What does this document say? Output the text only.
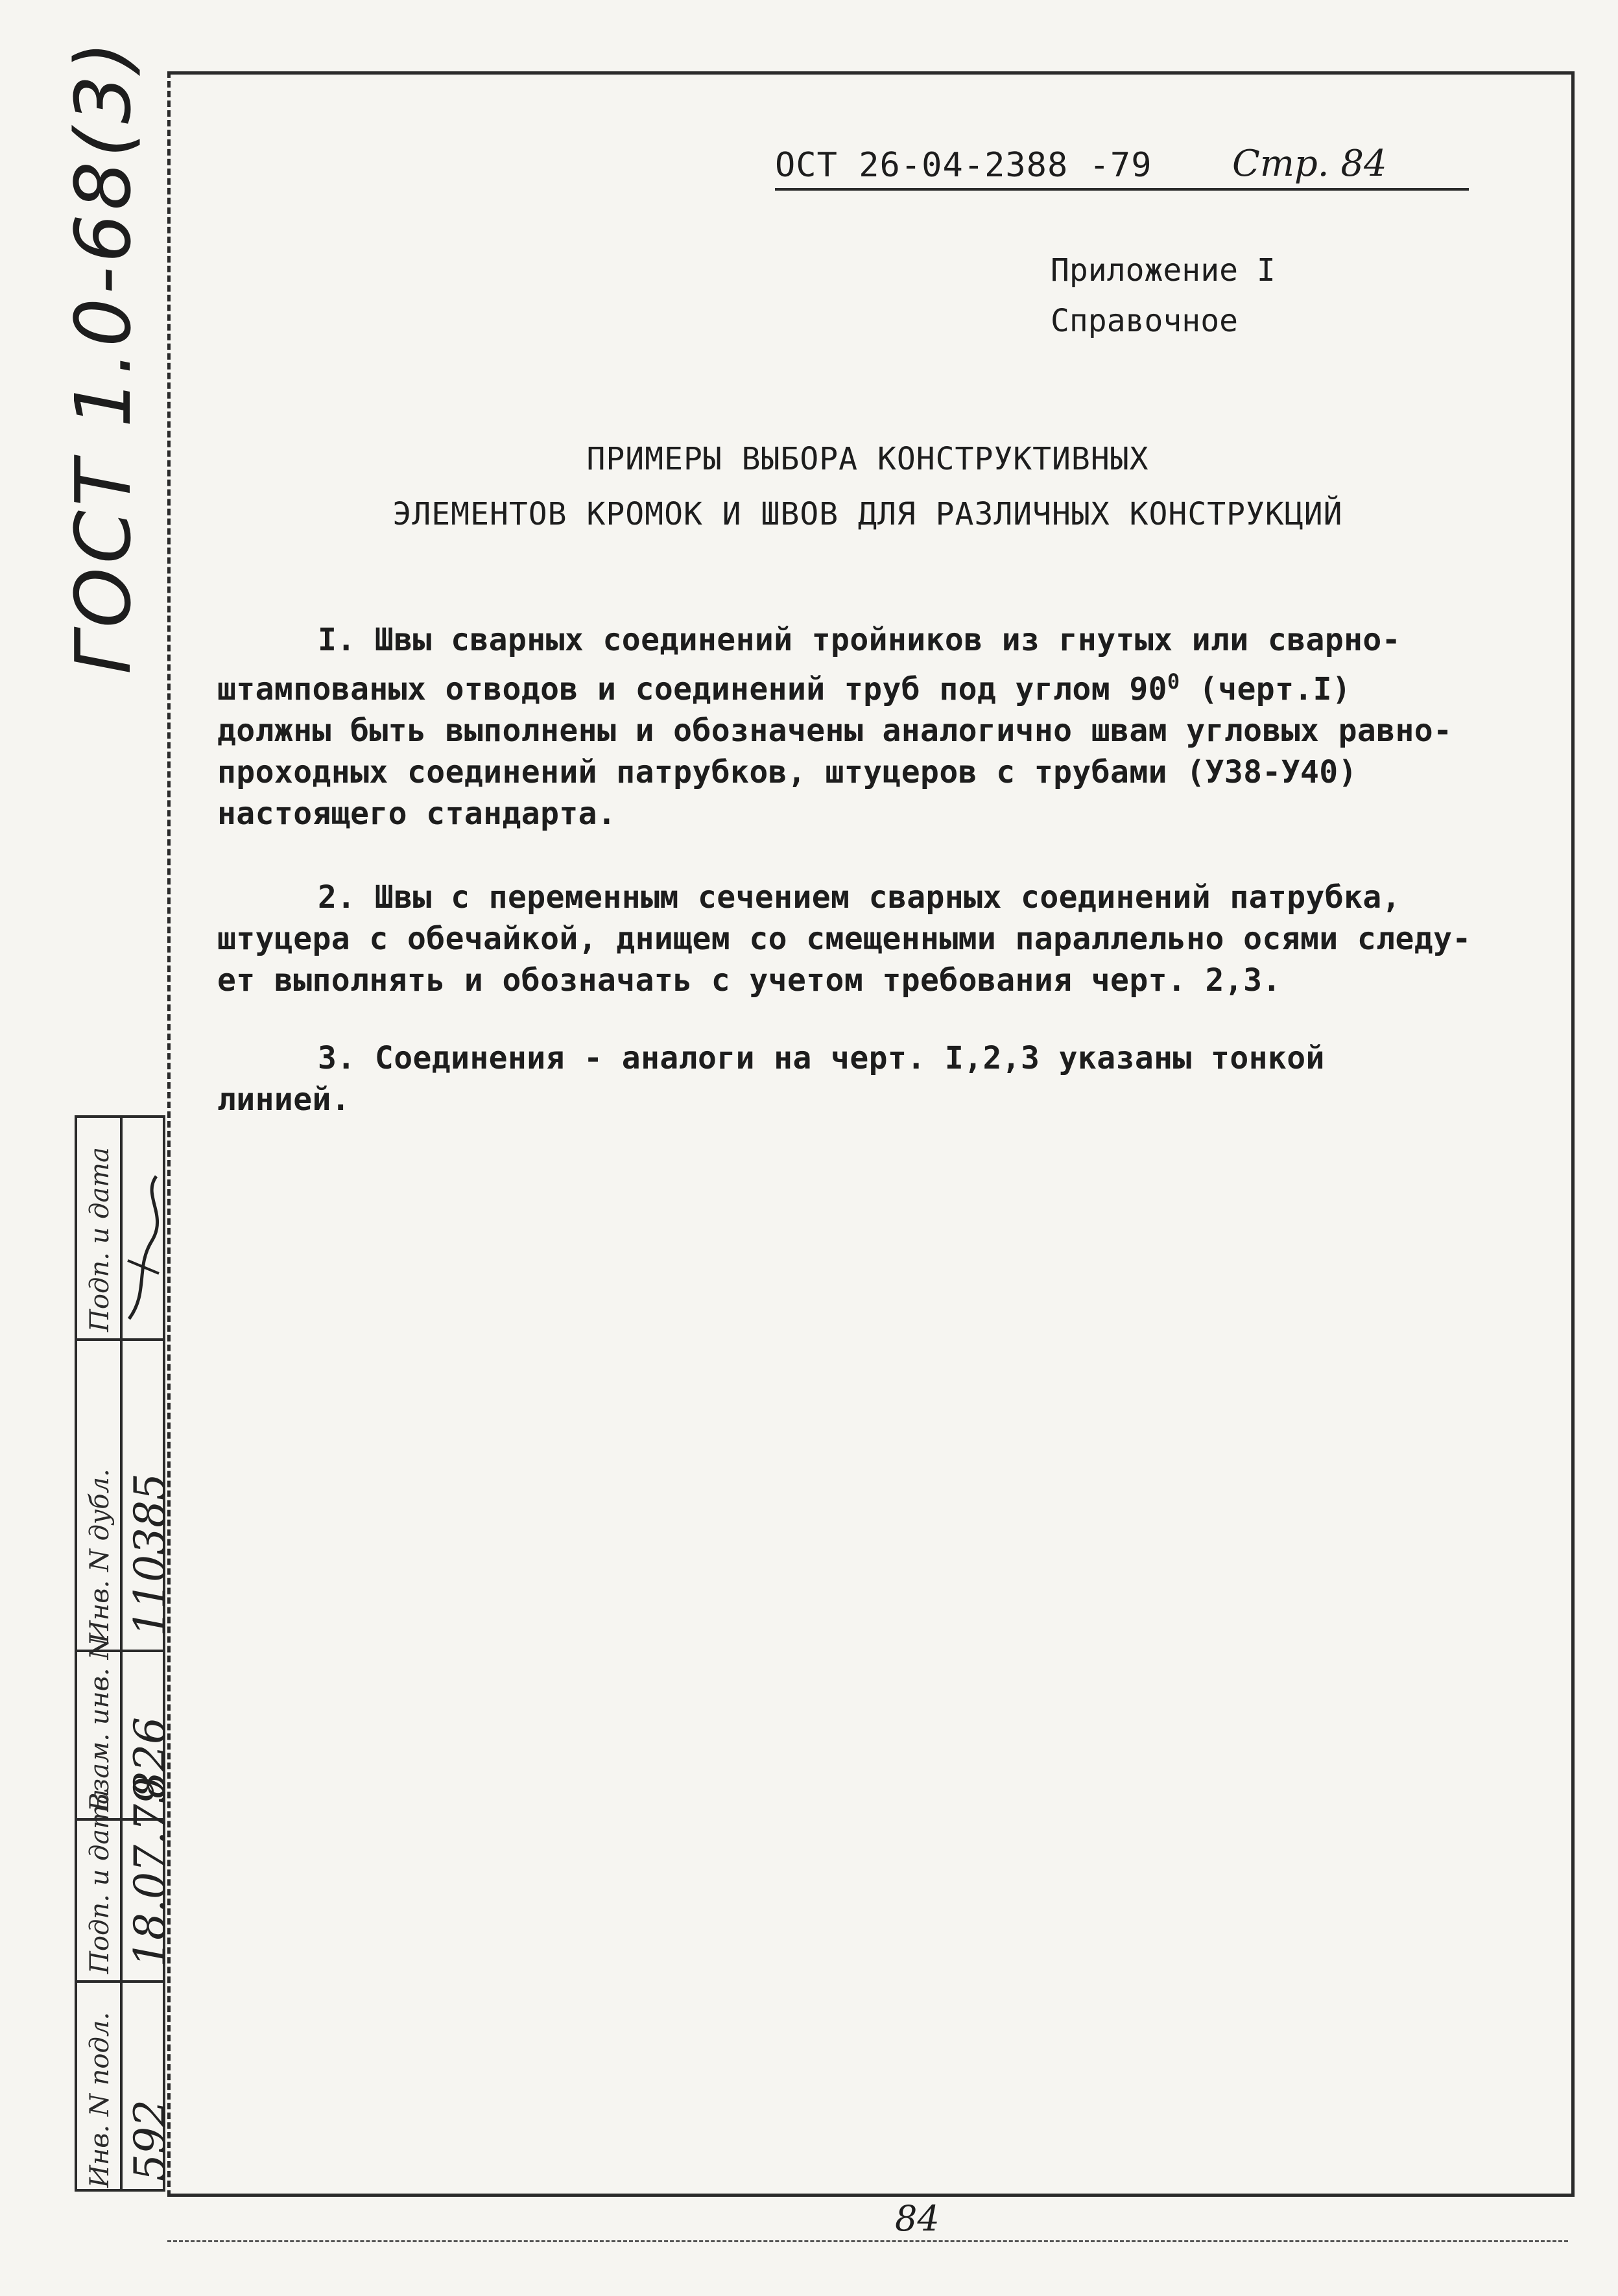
ГОСТ 1.0-68(3)	ОСТ 26-04-2388 -79 Стр. 84
Приложение I
Справочное
ПРИМЕРЫ ВЫБОРА КОНСТРУКТИВНЫХ
ЭЛЕМЕНТОВ КРОМОК И ШВОВ ДЛЯ РАЗЛИЧНЫХ КОНСТРУКЦИЙ
I. Швы сварных соединений тройников из гнутых или сварно-
штампованых отводов и соединений труб под углом $90^0$ (черт.I)
должны быть выполнены и обозначены аналогично швам угловых равно-
проходных соединений патрубков, штуцеров с трубами (У38-У40)
настоящего стандарта.
2. Швы с переменным сечением сварных соединений патрубка,
штуцера с обечайкой, днищем со смещенными параллельно осями следу-
ет выполнять и обозначать с учетом требования черт. 2,3.
3. Соединения - аналоги на черт. I,2,3 указаны тонкой
линией.
Инв. N подл.
Подп. и дата
Взам. инв. N
Инв. N дубл.
Подп. и дата
592
18.07.79
826
110385
84
